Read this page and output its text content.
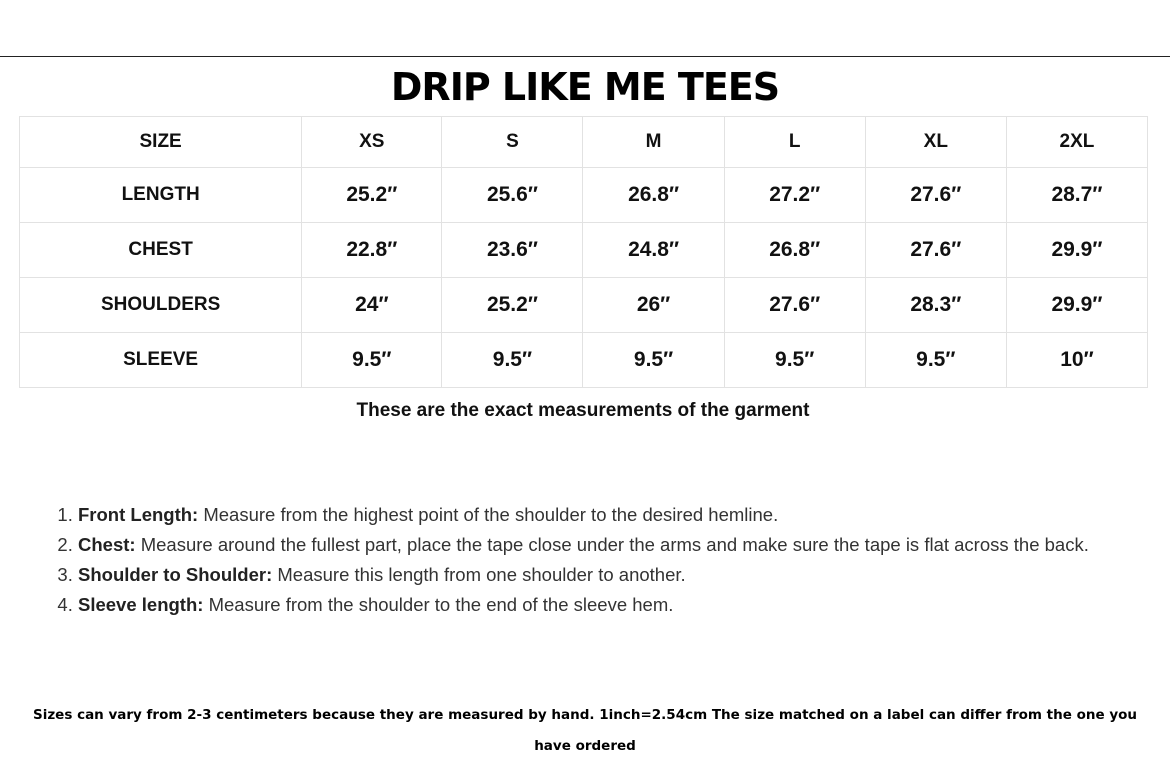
DRIP LIKE ME TEES
SIZE	XS	S	M	L	XL	2XL
LENGTH	25.2″	25.6″	26.8″	27.2″	27.6″	28.7″
CHEST	22.8″	23.6″	24.8″	26.8″	27.6″	29.9″
SHOULDERS	24″	25.2″	26″	27.6″	28.3″	29.9″
SLEEVE	9.5″	9.5″	9.5″	9.5″	9.5″	10″
These are the exact measurements of the garment
1. Front Length: Measure from the highest point of the shoulder to the desired hemline.
2. Chest: Measure around the fullest part, place the tape close under the arms and make sure the tape is flat across the back.
3. Shoulder to Shoulder: Measure this length from one shoulder to another.
4. Sleeve length: Measure from the shoulder to the end of the sleeve hem.
Sizes can vary from 2-3 centimeters because they are measured by hand. 1inch=2.54cm The size matched on a label can differ from the one you have ordered
